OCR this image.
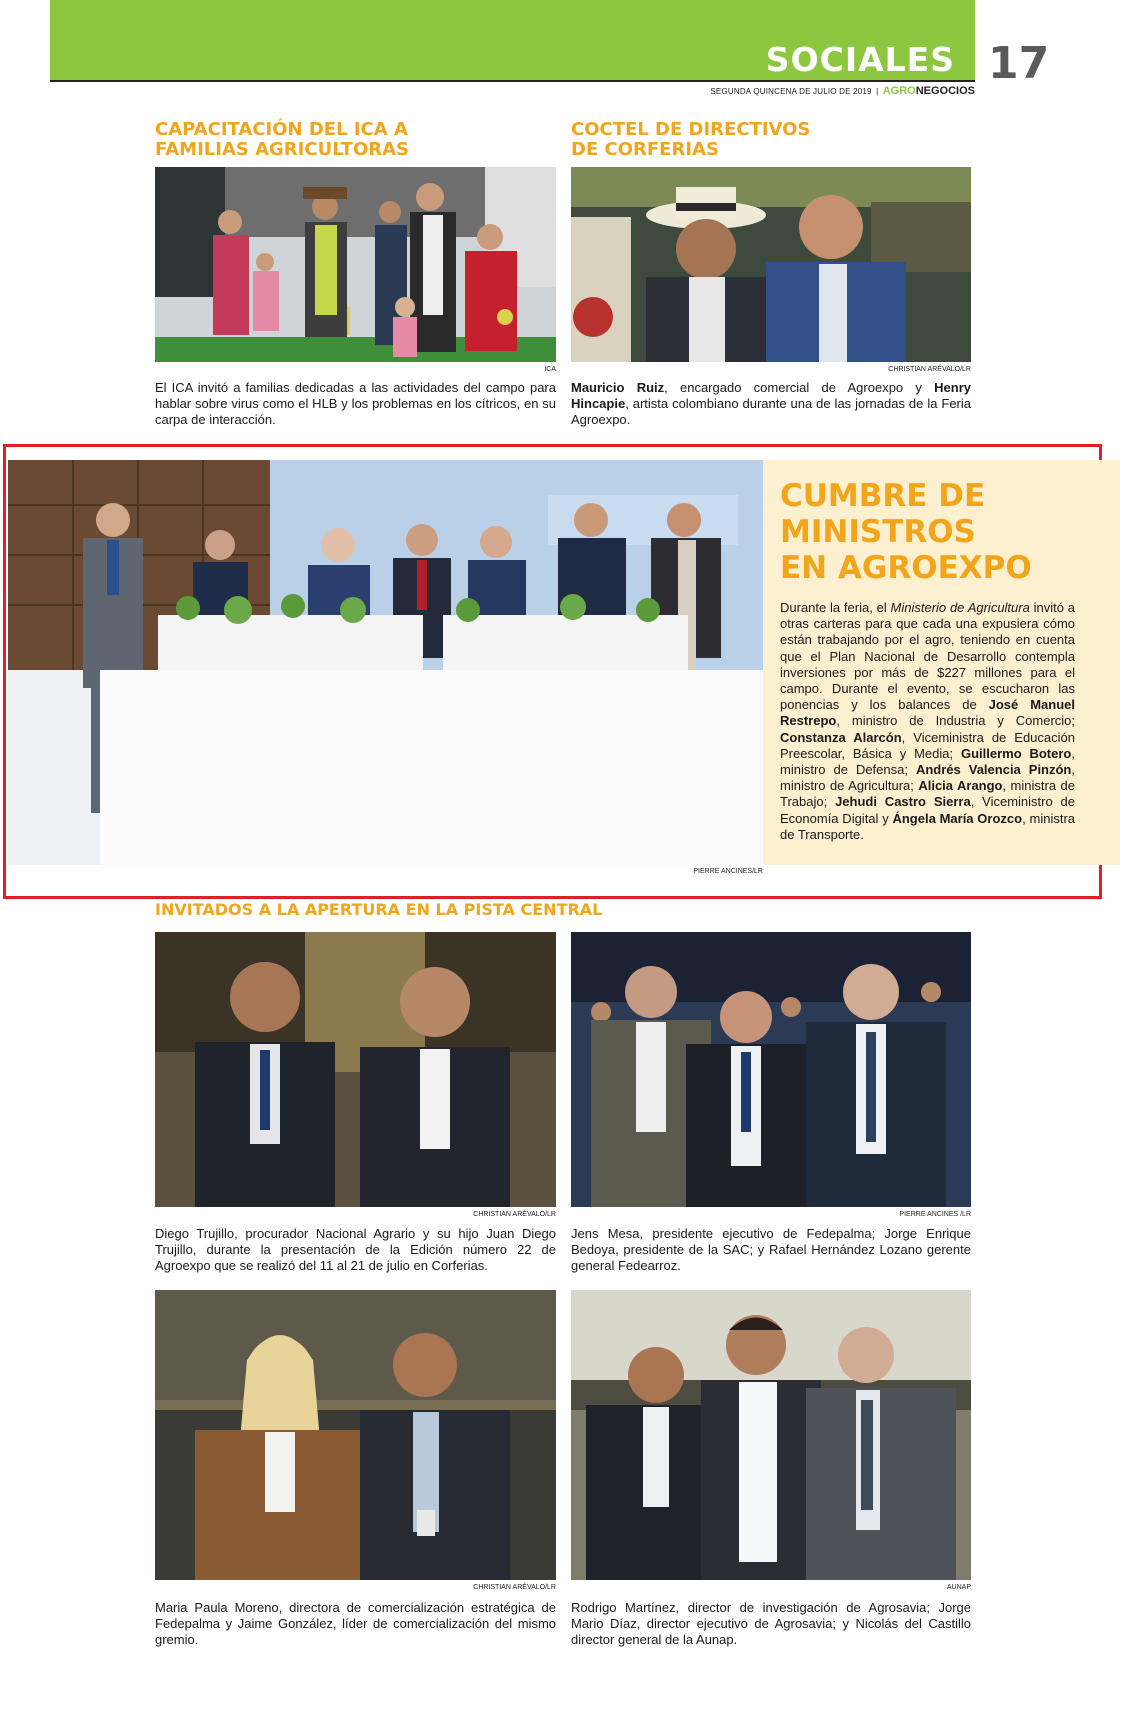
SOCIALES 17
SEGUNDA QUINCENA DE JULIO DE 2019  |  AGRONEGOCIOS
CAPACITACIÓN DEL ICA A
FAMILIAS AGRICULTORAS
ICA
El ICA invitó a familias dedicadas a las actividades del campo para hablar sobre virus como el HLB y los problemas en los cítricos, en su carpa de interacción.
COCTEL DE DIRECTIVOS
DE CORFERIAS
CHRISTIAN ARÉVALO/LR
Mauricio Ruiz, encargado comercial de Agroexpo y Henry Hincapie, artista colombiano durante una de las jornadas de la Feria Agroexpo.
CUMBRE DE
MINISTROS
EN AGROEXPO
Durante la feria, el Ministerio de Agricultura invitó a otras carteras para que cada una expusiera cómo están trabajando por el agro, teniendo en cuenta que el Plan Nacional de Desarrollo contempla inversiones por más de $227 millones para el campo. Durante el evento, se escucharon las ponencias y los balances de José Manuel Restrepo, ministro de Industria y Comercio; Constanza Alarcón, Viceministra de Educación Preescolar, Básica y Media; Guillermo Botero, ministro de Defensa; Andrés Valencia Pinzón, ministro de Agricultura; Alicia Arango, ministra de Trabajo; Jehudi Castro Sierra, Viceministro de Economía Digital y Ángela María Orozco, ministra de Transporte.
PIERRE ANCINES/LR
INVITADOS A LA APERTURA EN LA PISTA CENTRAL
CHRISTIAN ARÉVALO/LR
Diego Trujillo, procurador Nacional Agrario y su hijo Juan Diego Trujillo, durante la presentación de la Edición número 22 de Agroexpo que se realizó del 11 al 21 de julio en Corferias.
PIERRE ANCINES /LR
Jens Mesa, presidente ejecutivo de Fedepalma; Jorge Enrique Bedoya, presidente de la SAC; y Rafael Hernández Lozano gerente general Fedearroz.
CHRISTIAN ARÉVALO/LR
Maria Paula Moreno, directora de comercialización estratégica de Fedepalma y Jaime González, líder de comercialización del mismo gremio.
AUNAP
Rodrigo Martínez, director de investigación de Agrosavia; Jorge Mario Díaz, director ejecutivo de Agrosavia; y Nicolás del Castillo director general de la Aunap.
